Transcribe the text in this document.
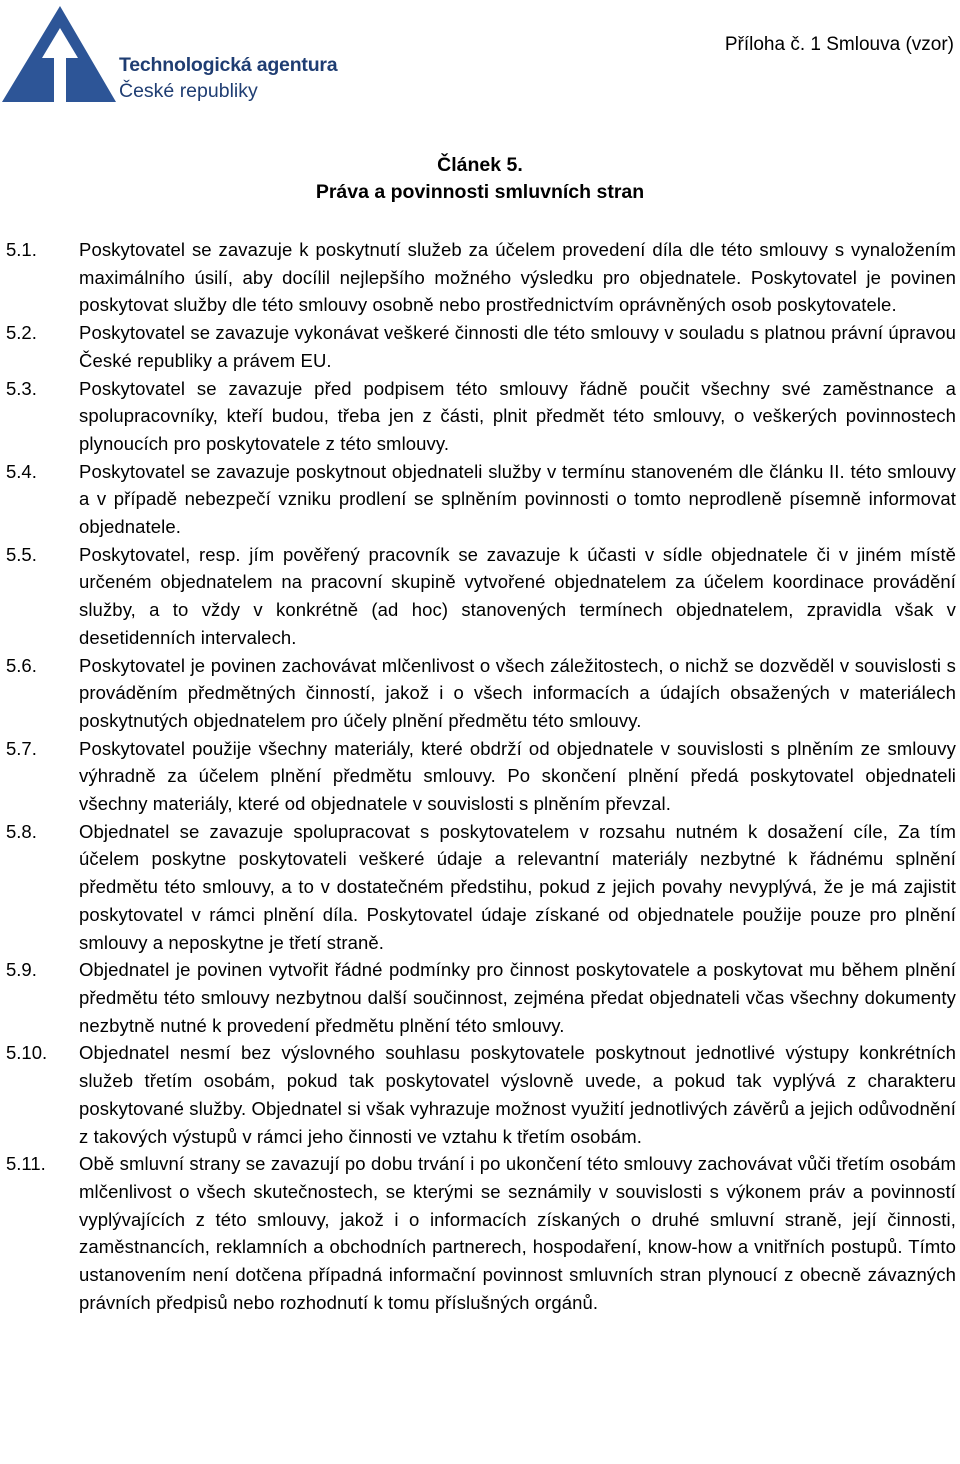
Technologická agentura
České republiky
Příloha č. 1 Smlouva (vzor)
Článek 5.
Práva a povinnosti smluvních stran
5.1.	Poskytovatel se zavazuje k poskytnutí služeb za účelem provedení díla dle této smlouvy s vynaložením maximálního úsilí, aby docílil nejlepšího možného výsledku pro objednatele. Poskytovatel je povinen poskytovat služby dle této smlouvy osobně nebo prostřednictvím oprávněných osob poskytovatele.
5.2.	Poskytovatel se zavazuje vykonávat veškeré činnosti dle této smlouvy v souladu s platnou právní úpravou České republiky a právem EU.
5.3.	Poskytovatel se zavazuje před podpisem této smlouvy řádně poučit všechny své zaměstnance a spolupracovníky, kteří budou, třeba jen z části, plnit předmět této smlouvy, o veškerých povinnostech plynoucích pro poskytovatele z této smlouvy.
5.4.	Poskytovatel se zavazuje poskytnout objednateli služby v termínu stanoveném dle článku II. této smlouvy a v případě nebezpečí vzniku prodlení se splněním povinnosti o tomto neprodleně písemně informovat objednatele.
5.5.	Poskytovatel, resp. jím pověřený pracovník se zavazuje k účasti v sídle objednatele či v jiném místě určeném objednatelem na pracovní skupině vytvořené objednatelem za účelem koordinace provádění služby, a to vždy v konkrétně (ad hoc) stanovených termínech objednatelem, zpravidla však v desetidenních intervalech.
5.6.	Poskytovatel je povinen zachovávat mlčenlivost o všech záležitostech, o nichž se dozvěděl v souvislosti s prováděním předmětných činností, jakož i o všech informacích a údajích obsažených v materiálech poskytnutých objednatelem pro účely plnění předmětu této smlouvy.
5.7.	Poskytovatel použije všechny materiály, které obdrží od objednatele v souvislosti s plněním ze smlouvy výhradně za účelem plnění předmětu smlouvy. Po skončení plnění předá poskytovatel objednateli všechny materiály, které od objednatele v souvislosti s plněním převzal.
5.8.	Objednatel se zavazuje spolupracovat s poskytovatelem v rozsahu nutném k dosažení cíle, Za tím účelem poskytne poskytovateli veškeré údaje a relevantní materiály nezbytné k řádnému splnění předmětu této smlouvy, a to v dostatečném předstihu, pokud z jejich povahy nevyplývá, že je má zajistit poskytovatel v rámci plnění díla. Poskytovatel údaje získané od objednatele použije pouze pro plnění smlouvy a neposkytne je třetí straně.
5.9.	Objednatel je povinen vytvořit řádné podmínky pro činnost poskytovatele a poskytovat mu během plnění předmětu této smlouvy nezbytnou další součinnost, zejména předat objednateli včas všechny dokumenty nezbytně nutné k provedení předmětu plnění této smlouvy.
5.10.	Objednatel nesmí bez výslovného souhlasu poskytovatele poskytnout jednotlivé výstupy konkrétních služeb třetím osobám, pokud tak poskytovatel výslovně uvede, a pokud tak vyplývá z charakteru poskytované služby. Objednatel si však vyhrazuje možnost využití jednotlivých závěrů a jejich odůvodnění z takových výstupů v rámci jeho činnosti ve vztahu k třetím osobám.
5.11.	Obě smluvní strany se zavazují po dobu trvání i po ukončení této smlouvy zachovávat vůči třetím osobám mlčenlivost o všech skutečnostech, se kterými se seznámily v souvislosti s výkonem práv a povinností vyplývajících z této smlouvy, jakož i o informacích získaných o druhé smluvní straně, její činnosti, zaměstnancích, reklamních a obchodních partnerech, hospodaření, know-how a vnitřních postupů. Tímto ustanovením není dotčena případná informační povinnost smluvních stran plynoucí z obecně závazných právních předpisů nebo rozhodnutí k tomu příslušných orgánů.
